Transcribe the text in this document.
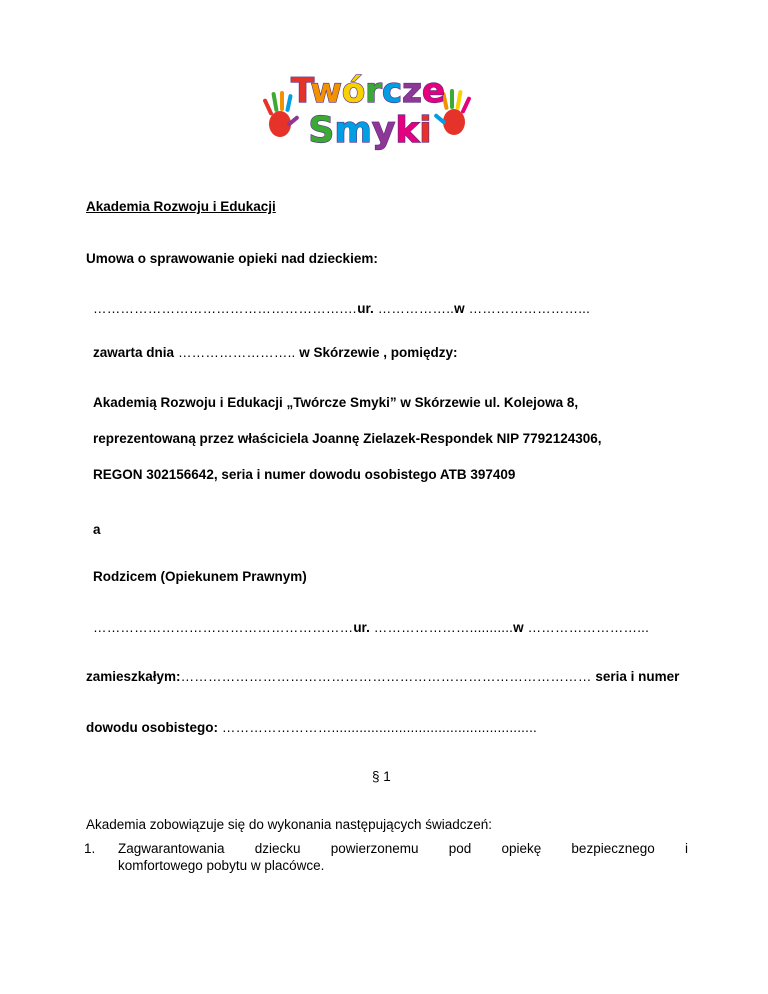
Twórcze
Smyki
Akademia Rozwoju i Edukacji
Umowa o sprawowanie opieki nad dzieckiem:
……………………………………………….…ur. ……………..w ……………………...
zawarta dnia …………………….. w Skórzewie , pomiędzy:
Akademią Rozwoju i Edukacji „Twórcze Smyki” w Skórzewie ul. Kolejowa 8,
reprezentowaną przez właściciela Joannę Zielazek-Respondek NIP 7792124306,
REGON 302156642, seria i numer dowodu osobistego ATB 397409
a
Rodzicem (Opiekunem Prawnym)
…………………………………………………ur. …………………...........w ……………………...
zamieszkałym:……………………………………………………………………………… seria i numer
dowodu osobistego: ……………………....................................................
§ 1
Akademia zobowiązuje się do wykonania następujących świadczeń:
1. Zagwarantowania dziecku powierzonemu pod opiekę bezpiecznego i
komfortowego pobytu w placówce.
